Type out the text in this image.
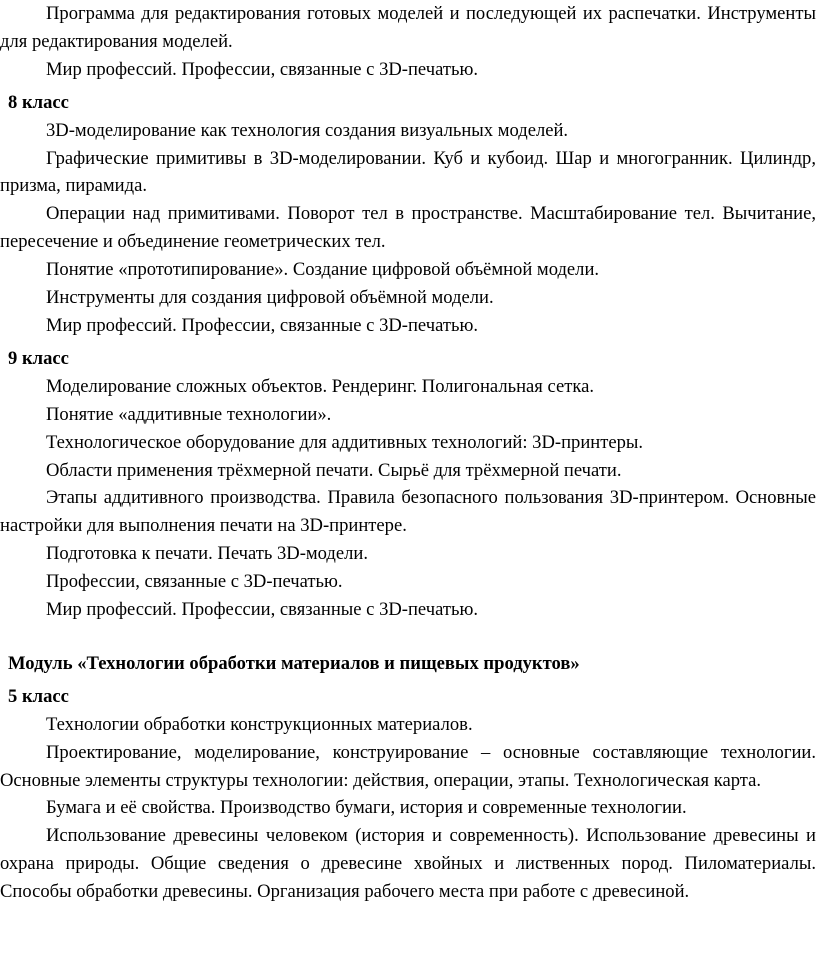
Программа для редактирования готовых моделей и последующей их распечатки. Инструменты для редактирования моделей.
Мир профессий. Профессии, связанные с 3D-печатью.
8 класс
3D-моделирование как технология создания визуальных моделей.
Графические примитивы в 3D-моделировании. Куб и кубоид. Шар и многогранник. Цилиндр, призма, пирамида.
Операции над примитивами. Поворот тел в пространстве. Масштабирование тел. Вычитание, пересечение и объединение геометрических тел.
Понятие «прототипирование». Создание цифровой объёмной модели.
Инструменты для создания цифровой объёмной модели.
Мир профессий. Профессии, связанные с 3D-печатью.
9 класс
Моделирование сложных объектов. Рендеринг. Полигональная сетка.
Понятие «аддитивные технологии».
Технологическое оборудование для аддитивных технологий: 3D-принтеры.
Области применения трёхмерной печати. Сырьё для трёхмерной печати.
Этапы аддитивного производства. Правила безопасного пользования 3D-принтером. Основные настройки для выполнения печати на 3D-принтере.
Подготовка к печати. Печать 3D-модели.
Профессии, связанные с 3D-печатью.
Мир профессий. Профессии, связанные с 3D-печатью.
Модуль «Технологии обработки материалов и пищевых продуктов»
5 класс
Технологии обработки конструкционных материалов.
Проектирование, моделирование, конструирование – основные составляющие технологии. Основные элементы структуры технологии: действия, операции, этапы. Технологическая карта.
Бумага и её свойства. Производство бумаги, история и современные технологии.
Использование древесины человеком (история и современность). Использование древесины и охрана природы. Общие сведения о древесине хвойных и лиственных пород. Пиломатериалы. Способы обработки древесины. Организация рабочего места при работе с древесиной.
